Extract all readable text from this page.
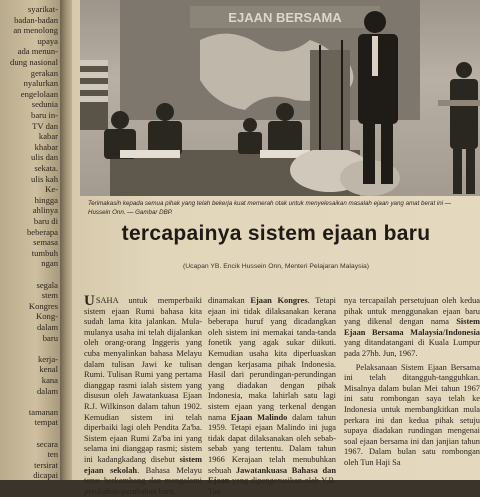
syarikat-
badan-badan
an menolong
upaya
ada menun-
dung nasional
gerakan
nyalurkan
engelolaan
sedunia
baru in-
TV dan
kabar
khabar
ulis dan
sekata.
ulis kah
Ke-
hingga
ahlinya
baru di
beberapa
semasa
tumbuh
ngan
segala
stem
Kongres
Kong-
dalam
baru
kerja-
kenal
kana
dalam
tamanan
tempat
secara
ten
tersirat
dicapai
EJAAN BERSAMA
Terimakasih kepada semua pihak yang telah bekerja kuat memerah otak untuk menyelesaikan masalah ejaan yang amat berat ini — Hussein Onn. — Gambar DBP.
tercapainya sistem ejaan baru
(Ucapan YB. Encik Hussein Onn, Menteri Pelajaran Malaysia)

USAHA untuk memperbaiki sistem ejaan Rumi bahasa kita sudah lama kita jalankan. Mula-mulanya usaha ini telah dijalankan oleh orang-orang Inggeris yang cuba menyalinkan bahasa Melayu dalam tulisan Jawi ke tulisan Rumi. Tulisan Rumi yang pertama dianggap rasmi ialah sistem yang disusun oleh Jawatankuasa Ejaan R.J. Wilkinson dalam tahun 1902. Kemudian sistem ini telah diperbaiki lagi oleh Pendita Za'ba. Sistem ejaan Rumi Za'ba ini yang selama ini dianggap rasmi; sistem ini kadangkadang disebut sistem ejaan sekolah. Bahasa Melayu terus berkembang dan mengalami perubahan-perubahan baru.

dinamakan Ejaan Kongres. Tetapi ejaan ini tidak dilaksanakan kerana beberapa huruf yang dicadangkan oleh sistem ini memakai tanda-tanda fonetik yang agak sukar diikuti. Kemudian usaha kita diperluaskan dengan kerjasama pihak Indonesia. Hasil dari perundingan-perundingan yang diadakan dengan pihak Indonesia, maka lahirlah satu lagi sistem ejaan yang terkenal dengan nama Ejaan Malindo dalam tahun 1959. Tetapi ejaan Malindo ini juga tidak dapat dilaksanakan oleh sebab-sebab yang tertentu. Dalam tahun 1966 Kerajaan telah menubuhkan sebuah Jawatankuasa Bahasa dan Ejaan yang dipengerusikan oleh Y.B. Tan

nya tercapailah persetujuan oleh kedua pihak untuk menggunakan ejaan baru yang dikenal dengan nama Sistem Ejaan Bersama Malaysia/Indonesia yang ditandatangani di Kuala Lumpur pada 27hb. Jun, 1967.

Pelaksanaan Sistem Ejaan Bersama ini telah ditangguh-tangguhkan. Misalnya dalam bulan Mei tahun 1967 ini satu rombongan saya telah ke Indonesia untuk membangkitkan mula perkara ini dan kedua pihak setuju supaya diadakan rundingan mengenai soal ejaan bersama ini dan janjian tahun 1967. Dalam bulan satu rombongan oleh Tun Haji Sa
